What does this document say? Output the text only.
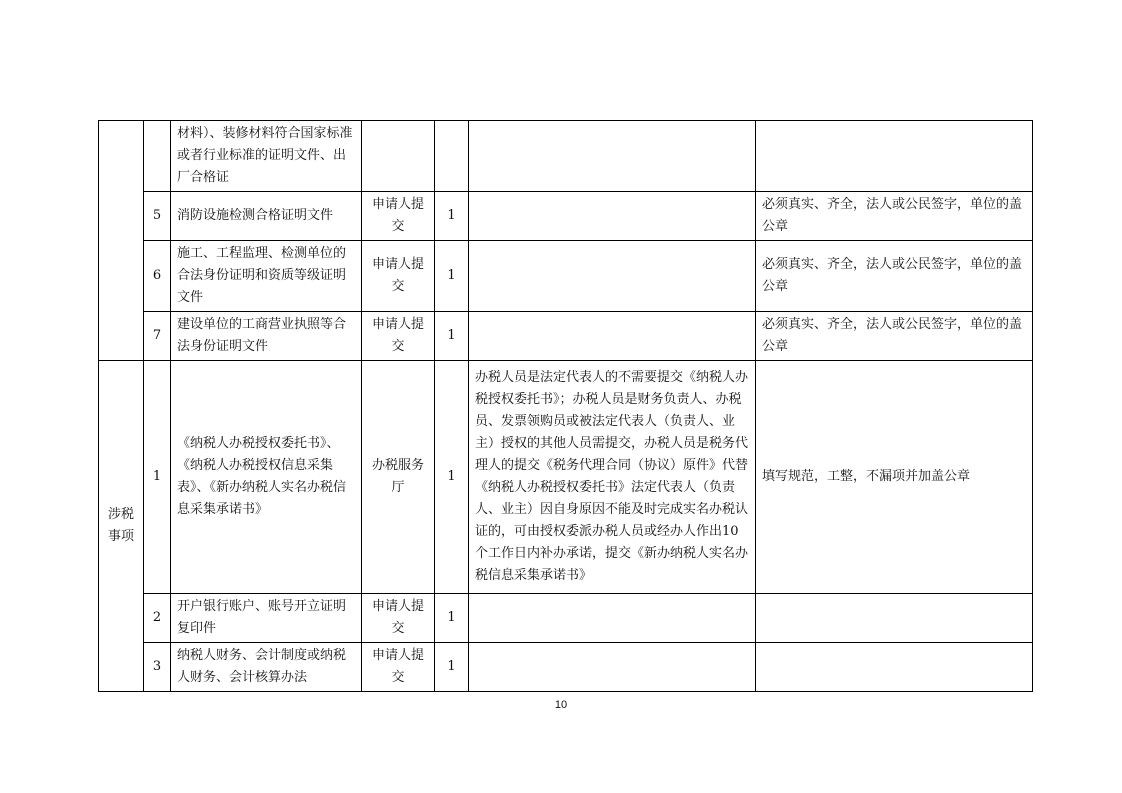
		材料）、装修材料符合国家标准或者行业标准的证明文件、出厂合格证				
	5	消防设施检测合格证明文件	申请人提交	1		必须真实、齐全，法人或公民签字，单位的盖公章
	6	施工、工程监理、检测单位的合法身份证明和资质等级证明文件	申请人提交	1		必须真实、齐全，法人或公民签字，单位的盖公章
	7	建设单位的工商营业执照等合法身份证明文件	申请人提交	1		必须真实、齐全，法人或公民签字，单位的盖公章
涉税事项	1	《纳税人办税授权委托书》、《纳税人办税授权信息采集表》、《新办纳税人实名办税信息采集承诺书》	办税服务厅	1	办税人员是法定代表人的不需要提交《纳税人办税授权委托书》；办税人员是财务负责人、办税员、发票领购员或被法定代表人（负责人、业主）授权的其他人员需提交，办税人员是税务代理人的提交《税务代理合同（协议）原件》代替《纳税人办税授权委托书》法定代表人（负责人、业主）因自身原因不能及时完成实名办税认证的，可由授权委派办税人员或经办人作出10个工作日内补办承诺，提交《新办纳税人实名办税信息采集承诺书》	填写规范，工整，不漏项并加盖公章
	2	开户银行账户、账号开立证明复印件	申请人提交	1		
	3	纳税人财务、会计制度或纳税人财务、会计核算办法	申请人提交	1		
10
